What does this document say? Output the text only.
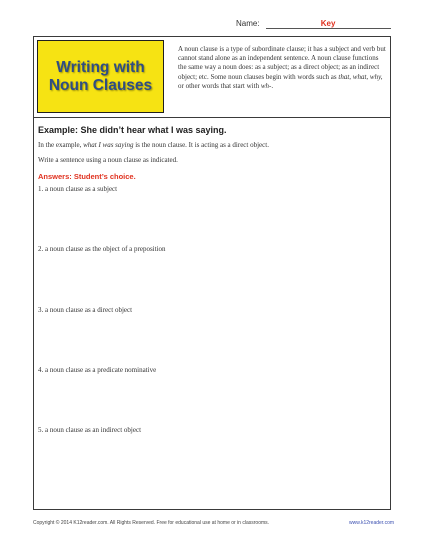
Name:	Key
Writing with
Noun Clauses
A noun clause is a type of subordinate clause; it has a subject and verb but cannot stand alone as an independent sentence. A noun clause functions the same way a noun does: as a subject; as a direct object; as an indirect object; etc. Some noun clauses begin with words such as that, what, why, or other words that start with wh-.
Example: She didn’t hear what I was saying.
In the example, what I was saying is the noun clause. It is acting as a direct object.
Write a sentence using a noun clause as indicated.
Answers: Student’s choice.
1. a noun clause as a subject
2. a noun clause as the object of a preposition
3. a noun clause as a direct object
4. a noun clause as a predicate nominative
5. a noun clause as an indirect object
Copyright © 2014 K12reader.com. All Rights Reserved. Free for educational use at home or in classrooms.	www.k12reader.com
